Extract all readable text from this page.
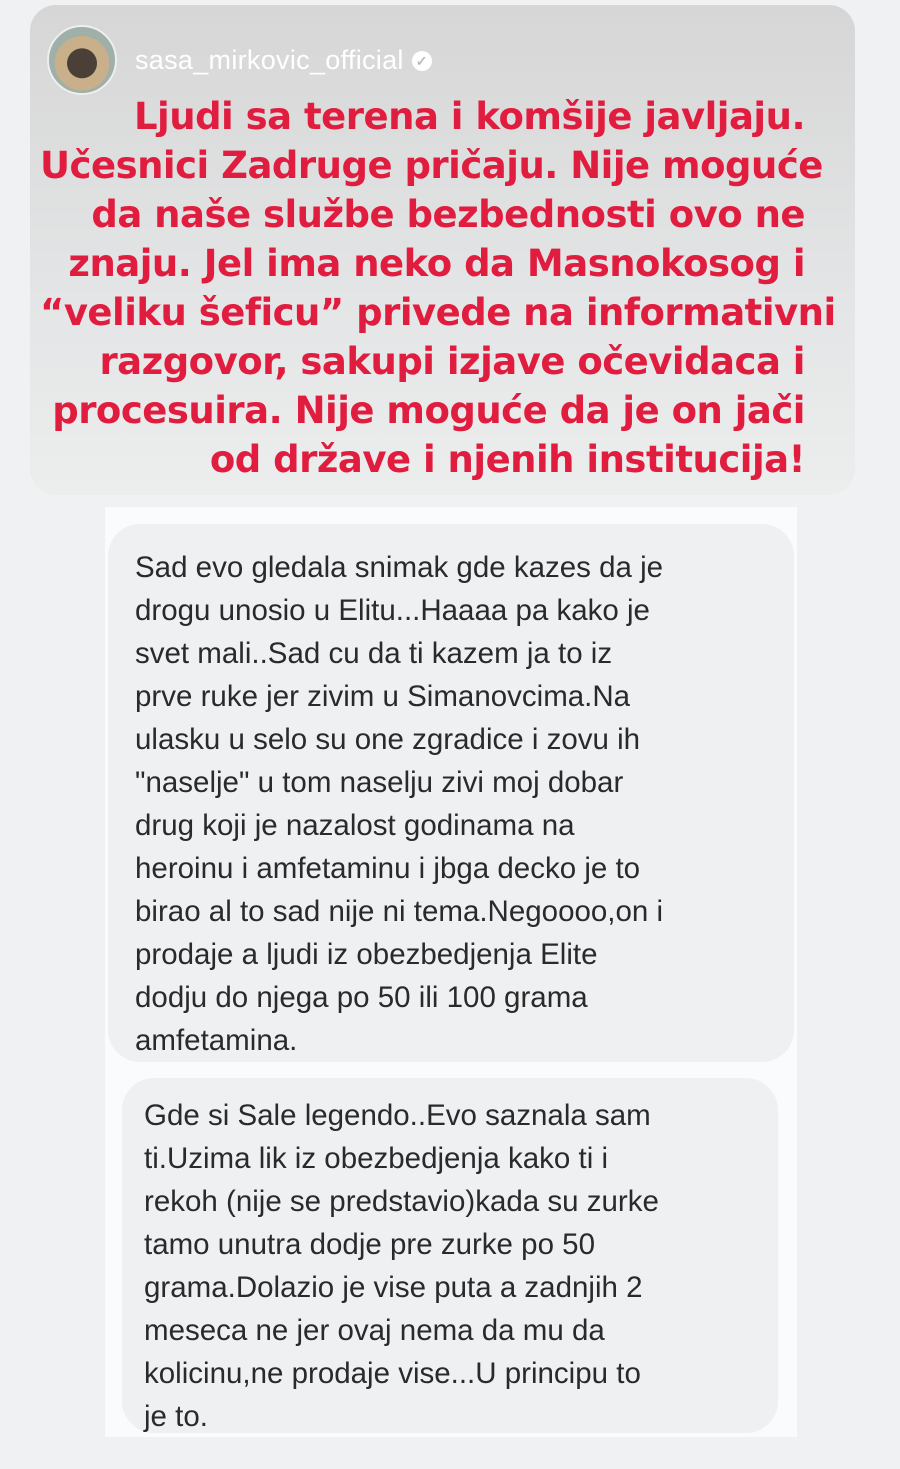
sasa_mirkovic_official ✓
Ljudi sa terena i komšije javljaju.
Učesnici Zadruge pričaju. Nije moguće
da naše službe bezbednosti ovo ne
znaju. Jel ima neko da Masnokosog i
“veliku šeficu” privede na informativni
razgovor, sakupi izjave očevidaca i
procesuira. Nije moguće da je on jači
od države i njenih institucija!
Sad evo gledala snimak gde kazes da je
drogu unosio u Elitu...Haaaa pa kako je
svet mali..Sad cu da ti kazem ja to iz
prve ruke jer zivim u Simanovcima.Na
ulasku u selo su one zgradice i zovu ih
"naselje" u tom naselju zivi moj dobar
drug koji je nazalost godinama na
heroinu i amfetaminu i jbga decko je to
birao al to sad nije ni tema.Negoooo,on i
prodaje a ljudi iz obezbedjenja Elite
dodju do njega po 50 ili 100 grama
amfetamina.
Gde si Sale legendo..Evo saznala sam
ti.Uzima lik iz obezbedjenja kako ti i
rekoh (nije se predstavio)kada su zurke
tamo unutra dodje pre zurke po 50
grama.Dolazio je vise puta a zadnjih 2
meseca ne jer ovaj nema da mu da
kolicinu,ne prodaje vise...U principu to
je to.
